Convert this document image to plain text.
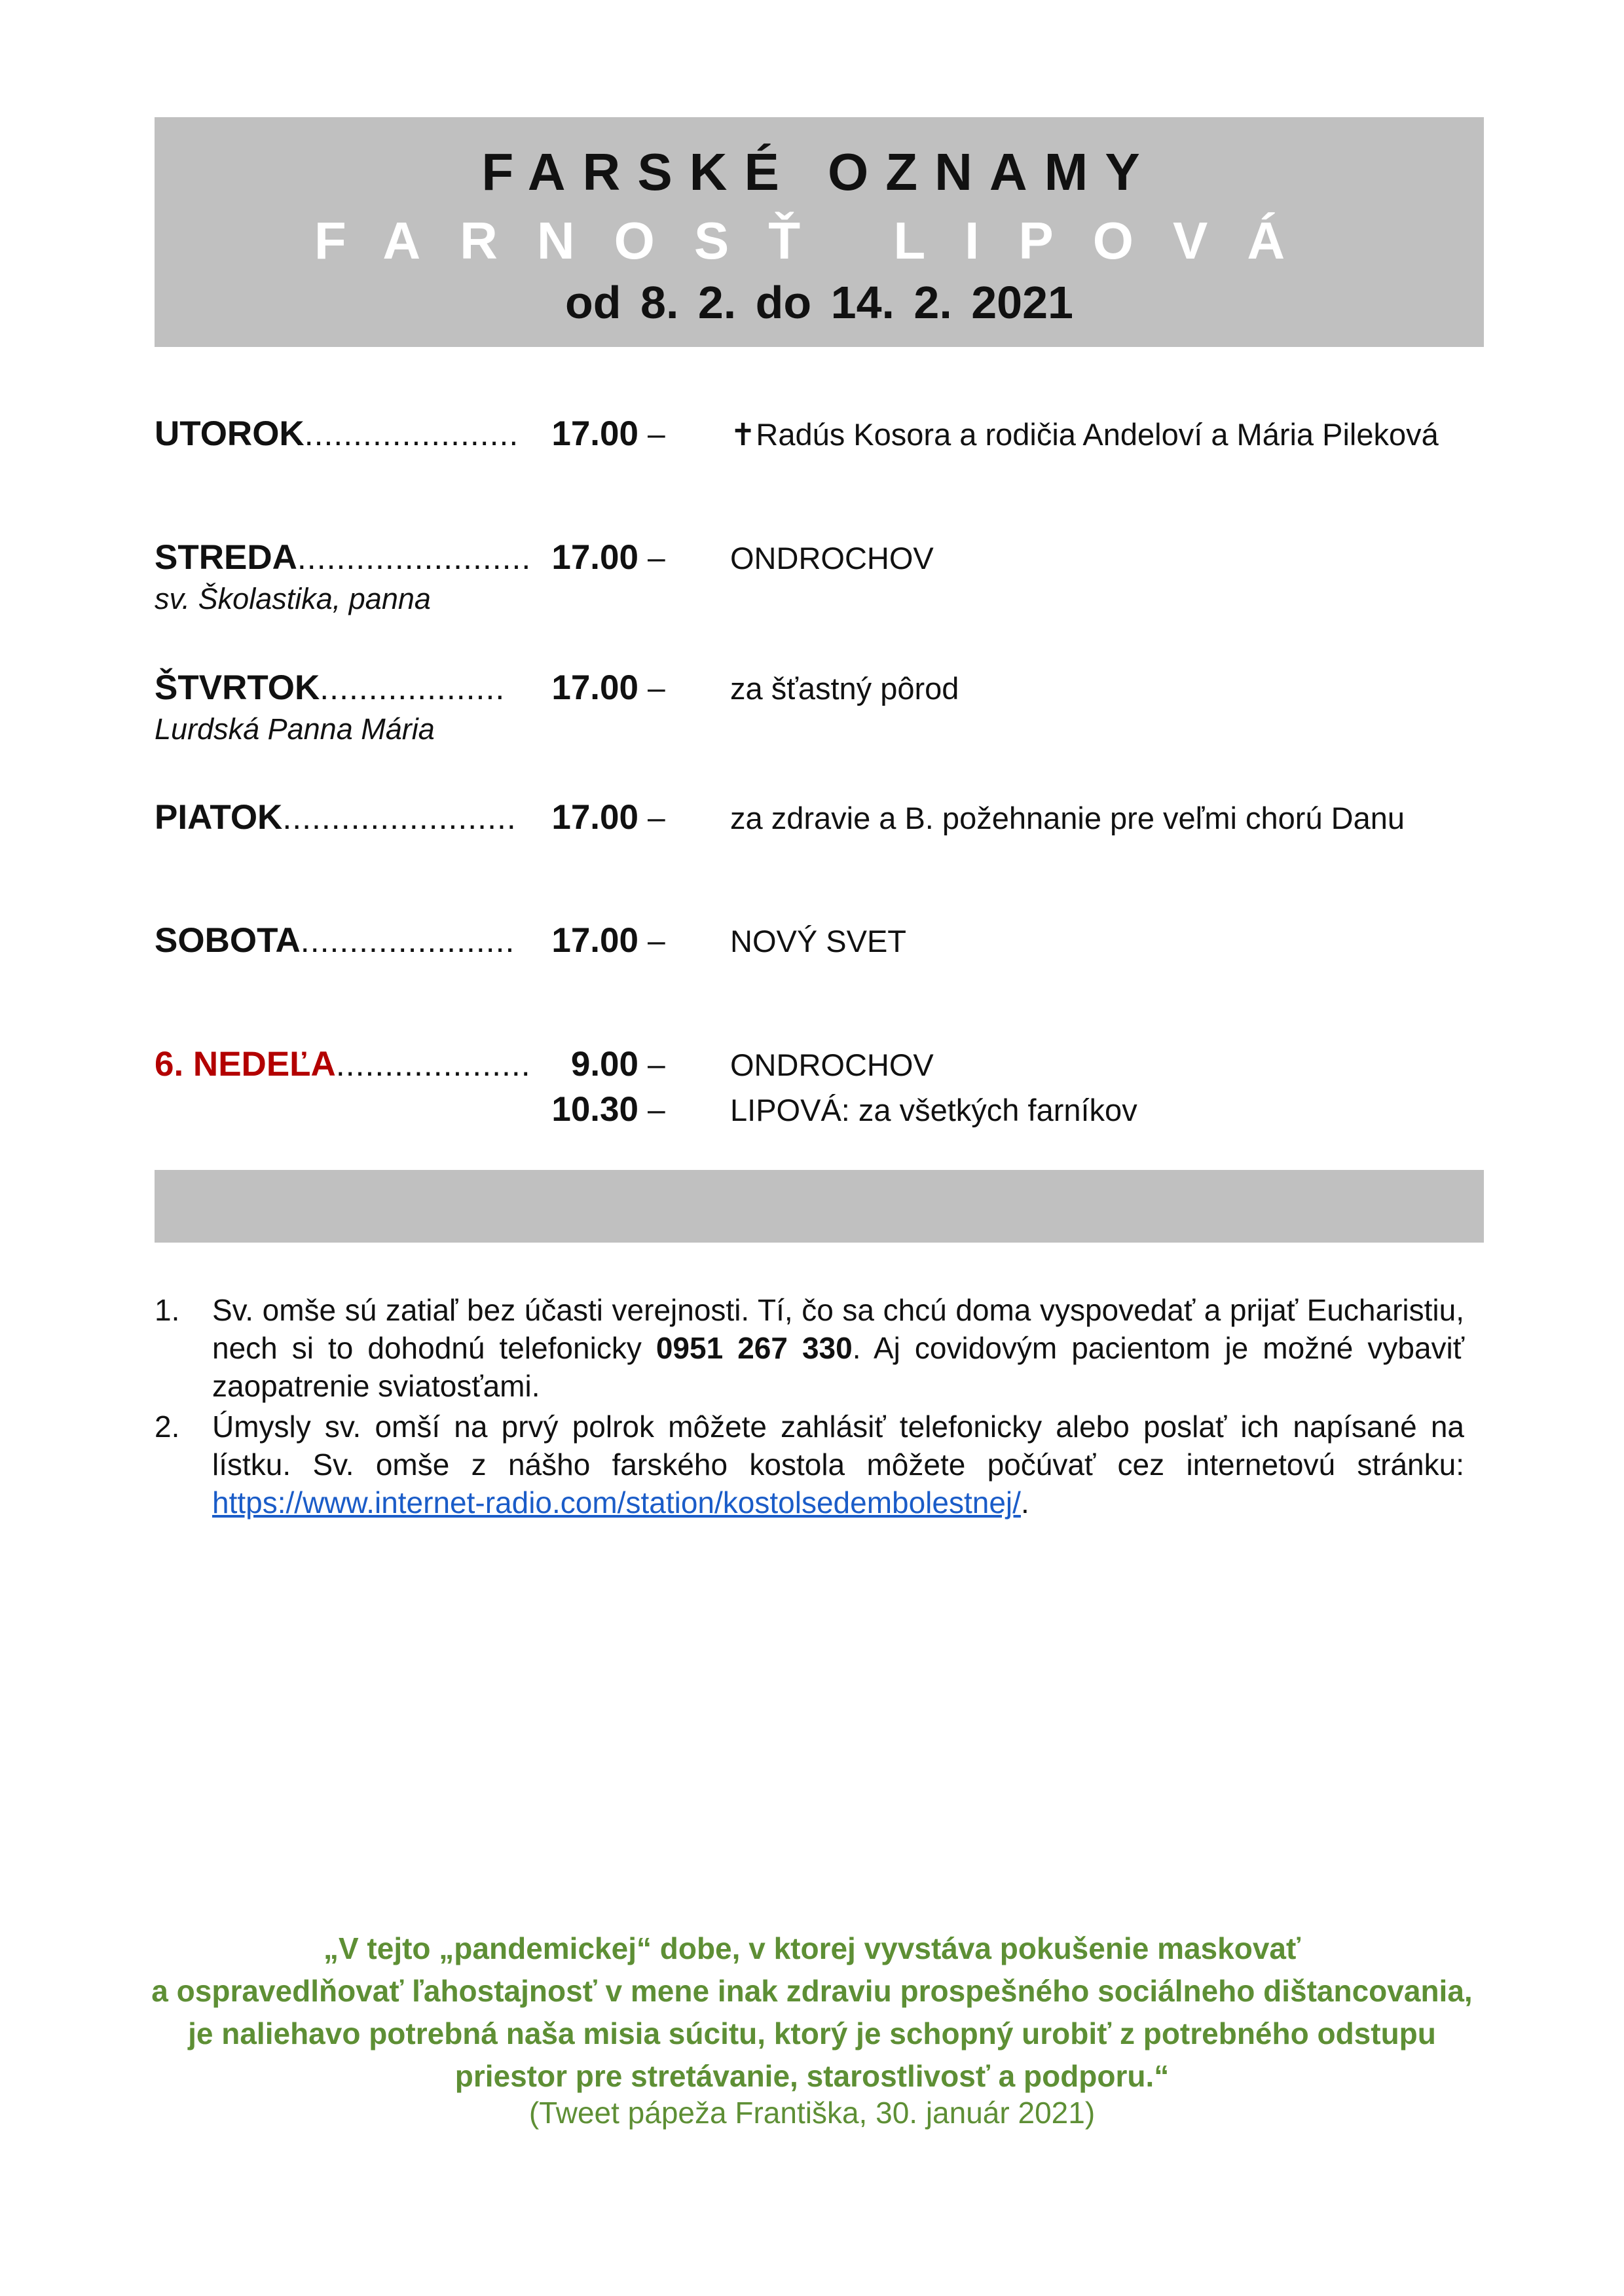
FARSKÉ OZNAMY
FARNOSŤ LIPOVÁ
od 8. 2. do 14. 2. 2021
UTOROK...................... 17.00 – ✝Radús Kosora a rodičia Andeloví a Mária Pileková
STREDA........................ 17.00 – ONDROCHOV
sv. Školastika, panna
ŠTVRTOK................... 17.00 – za šťastný pôrod
Lurdská Panna Mária
PIATOK........................ 17.00 – za zdravie a B. požehnanie pre veľmi chorú Danu
SOBOTA...................... 17.00 – NOVÝ SVET
6. NEDEĽA.................... 9.00 – ONDROCHOV
10.30 – LIPOVÁ: za všetkých farníkov
1. Sv. omše sú zatiaľ bez účasti verejnosti. Tí, čo sa chcú doma vyspovedať a prijať Eucharistiu, nech si to dohodnú telefonicky 0951 267 330. Aj covidovým pacientom je možné vybaviť zaopatrenie sviatosťami.
2. Úmysly sv. omší na prvý polrok môžete zahlásiť telefonicky alebo poslať ich napísané na lístku. Sv. omše z nášho farského kostola môžete počúvať cez internetovú stránku: https://www.internet-radio.com/station/kostolsedembolestnej/.
„V tejto „pandemickej“ dobe, v ktorej vyvstáva pokušenie maskovať
a ospravedlňovať ľahostajnosť v mene inak zdraviu prospešného sociálneho dištancovania,
je naliehavo potrebná naša misia súcitu, ktorý je schopný urobiť z potrebného odstupu
priestor pre stretávanie, starostlivosť a podporu.“
(Tweet pápeža Františka, 30. január 2021)
